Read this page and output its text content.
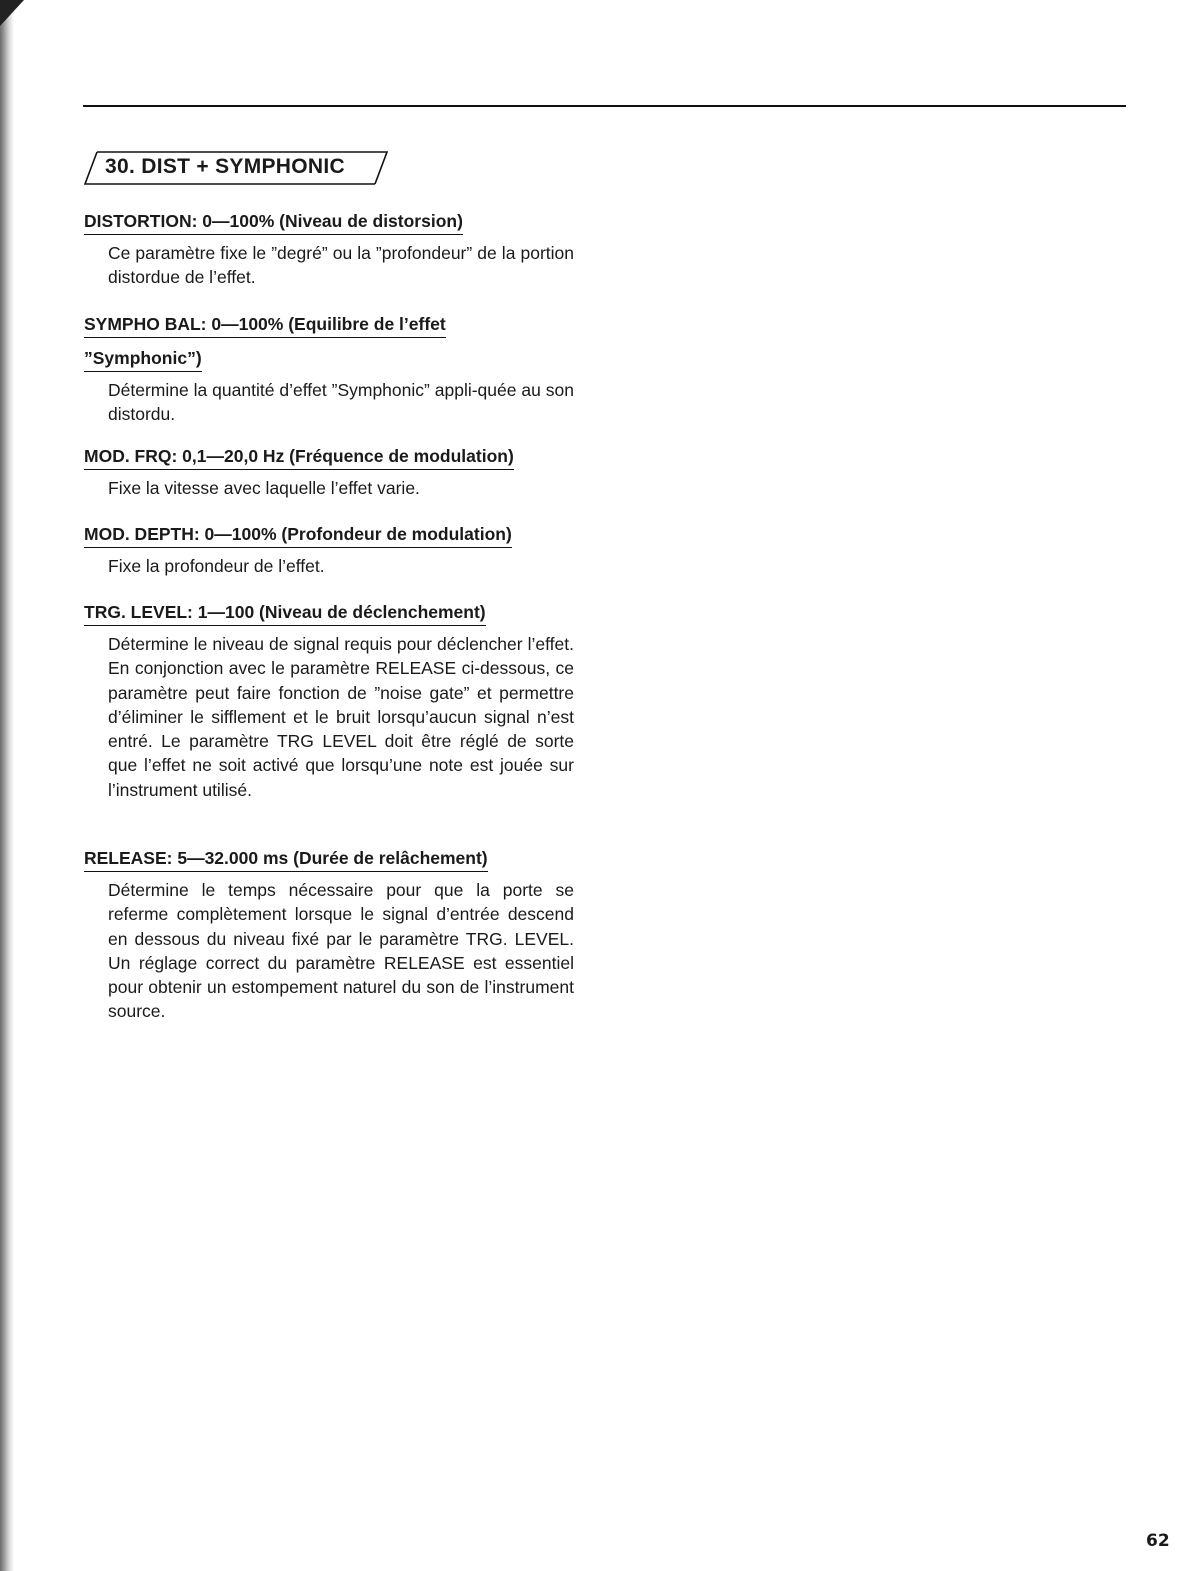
30. DIST + SYMPHONIC
DISTORTION: 0—100% (Niveau de distorsion)
Ce paramètre fixe le ”degré” ou la ”profondeur” de la portion distordue de l’effet.
SYMPHO BAL: 0—100% (Equilibre de l’effet
”Symphonic”)
Détermine la quantité d’effet ”Symphonic” appli-quée au son distordu.
MOD. FRQ: 0,1—20,0 Hz (Fréquence de modulation)
Fixe la vitesse avec laquelle l’effet varie.
MOD. DEPTH: 0—100% (Profondeur de modulation)
Fixe la profondeur de l’effet.
TRG. LEVEL: 1—100 (Niveau de déclenchement)
Détermine le niveau de signal requis pour déclencher l’effet. En conjonction avec le paramètre RELEASE ci-dessous, ce paramètre peut faire fonction de ”noise gate” et permettre d’éliminer le sifflement et le bruit lorsqu’aucun signal n’est entré. Le paramètre TRG LEVEL doit être réglé de sorte que l’effet ne soit activé que lorsqu’une note est jouée sur l’instrument utilisé.
RELEASE: 5—32.000 ms (Durée de relâchement)
Détermine le temps nécessaire pour que la porte se referme complètement lorsque le signal d’entrée descend en dessous du niveau fixé par le paramètre TRG. LEVEL. Un réglage correct du paramètre RELEASE est essentiel pour obtenir un estompement naturel du son de l’instrument source.
62
